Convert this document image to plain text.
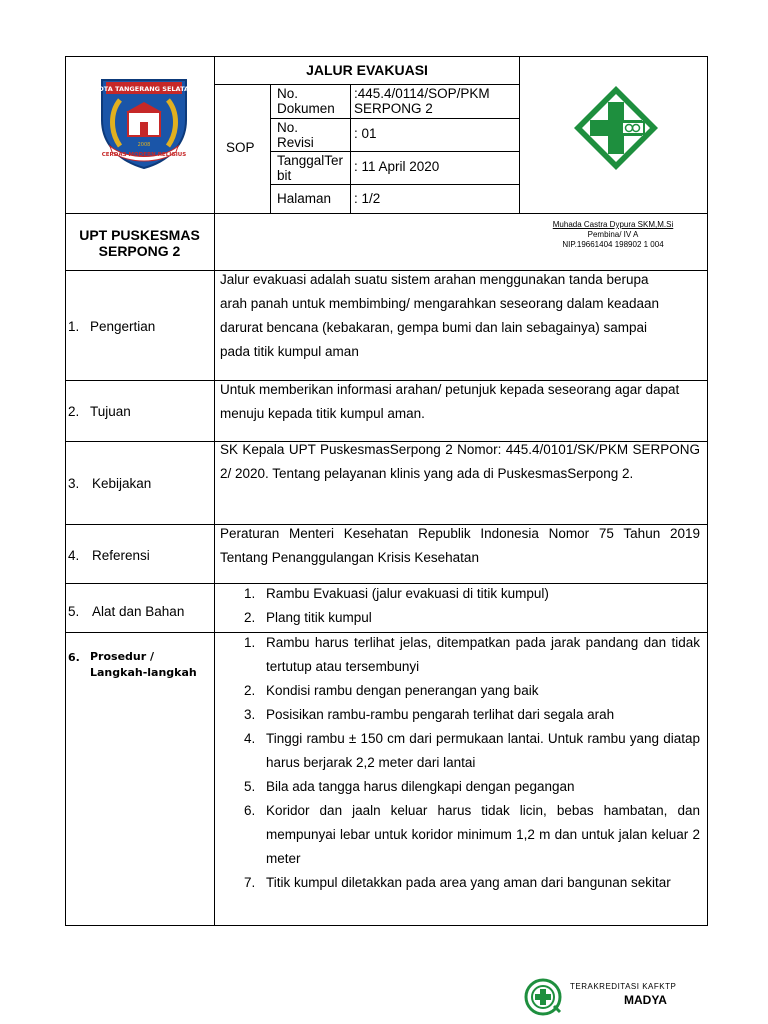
KOTA TANGERANG SELATAN
CERDAS MODERN RELIGIUS
2008
JALUR EVAKUASI
SOP
No. Dokumen
:445.4/0114/SOP/PKM SERPONG 2
No. Revisi
: 01
TanggalTerbit
: 11 April 2020
Halaman : 1/2
UPT PUSKESMAS
SERPONG 2
Muhada Castra Dypura SKM,M.Si
Pembina/ IV A
NIP.19661404 198902 1 004
1. Pengertian
Jalur evakuasi adalah suatu sistem arahan menggunakan tanda berupa arah panah untuk membimbing/ mengarahkan seseorang dalam keadaan darurat bencana (kebakaran, gempa bumi dan lain sebagainya) sampai pada titik kumpul aman
2. Tujuan
Untuk memberikan informasi arahan/ petunjuk kepada seseorang agar dapat menuju kepada titik kumpul aman.
3. Kebijakan
SK Kepala UPT PuskesmasSerpong 2 Nomor: 445.4/0101/SK/PKM SERPONG 2/ 2020. Tentang pelayanan klinis yang ada di PuskesmasSerpong 2.
4. Referensi
Peraturan Menteri Kesehatan Republik Indonesia Nomor 75 Tahun 2019 Tentang Penanggulangan Krisis Kesehatan
5. Alat dan Bahan
1. Rambu Evakuasi (jalur evakuasi di titik kumpul)
2. Plang titik kumpul
6. Prosedur / Langkah-langkah
1. Rambu harus terlihat jelas, ditempatkan pada jarak pandang dan tidak tertutup atau tersembunyi
2. Kondisi rambu dengan penerangan yang baik
3. Posisikan rambu-rambu pengarah terlihat dari segala arah
4. Tinggi rambu ± 150 cm dari permukaan lantai. Untuk rambu yang diatap harus berjarak 2,2 meter dari lantai
5. Bila ada tangga harus dilengkapi dengan pegangan
6. Koridor dan jaaln keluar harus tidak licin, bebas hambatan, dan mempunyai lebar untuk koridor minimum 1,2 m dan untuk jalan keluar 2 meter
7. Titik kumpul diletakkan pada area yang aman dari bangunan sekitar
TERAKREDITASI KAFKTP
MADYA
